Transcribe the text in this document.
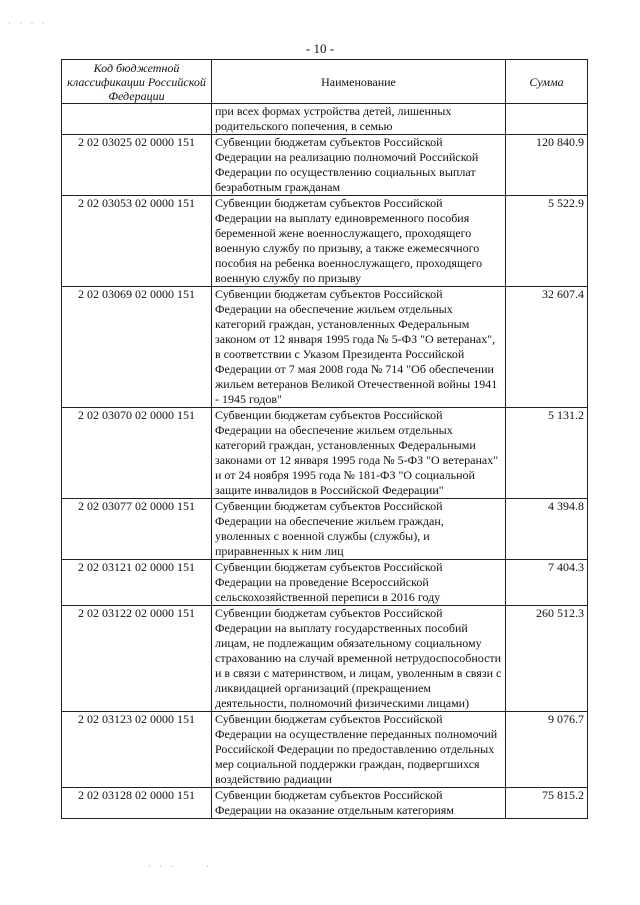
- 10 -
· · · ·
Код бюджетной классификации Российской Федерации	Наименование	Сумма
	при всех формах устройства детей, лишенных родительского попечения, в семью	
2 02 03025 02 0000 151	Субвенции бюджетам субъектов Российской Федерации на реализацию полномочий Российской Федерации по осуществлению социальных выплат безработным гражданам	120 840.9
2 02 03053 02 0000 151	Субвенции бюджетам субъектов Российской Федерации на выплату единовременного пособия беременной жене военнослужащего, проходящего военную службу по призыву, а также ежемесячного пособия на ребенка военнослужащего, проходящего военную службу по призыву	5 522.9
2 02 03069 02 0000 151	Субвенции бюджетам субъектов Российской Федерации на обеспечение жильем отдельных категорий граждан, установленных Федеральным законом от 12 января 1995 года № 5-ФЗ "О ветеранах", в соответствии с Указом Президента Российской Федерации от 7 мая 2008 года № 714 "Об обеспечении жильем ветеранов Великой Отечественной войны 1941 - 1945 годов"	32 607.4
2 02 03070 02 0000 151	Субвенции бюджетам субъектов Российской Федерации на обеспечение жильем отдельных категорий граждан, установленных Федеральными законами от 12 января 1995 года № 5-ФЗ "О ветеранах" и от 24 ноября 1995 года № 181-ФЗ "О социальной защите инвалидов в Российской Федерации"	5 131.2
2 02 03077 02 0000 151	Субвенции бюджетам субъектов Российской Федерации на обеспечение жильем граждан, уволенных с военной службы (службы), и приравненных к ним лиц	4 394.8
2 02 03121 02 0000 151	Субвенции бюджетам субъектов Российской Федерации на проведение Всероссийской сельскохозяйственной переписи в 2016 году	7 404.3
2 02 03122 02 0000 151	Субвенции бюджетам субъектов Российской Федерации на выплату государственных пособий лицам, не подлежащим обязательному социальному страхованию на случай временной нетрудоспособности и в связи с материнством, и лицам, уволенным в связи с ликвидацией организаций (прекращением деятельности, полномочий физическими лицами)	260 512.3
2 02 03123 02 0000 151	Субвенции бюджетам субъектов Российской Федерации на осуществление переданных полномочий Российской Федерации по предоставлению отдельных мер социальной поддержки граждан, подвергшихся воздействию радиации	9 076.7
2 02 03128 02 0000 151	Субвенции бюджетам субъектов Российской Федерации на оказание отдельным категориям	75 815.2
· · ·	·
